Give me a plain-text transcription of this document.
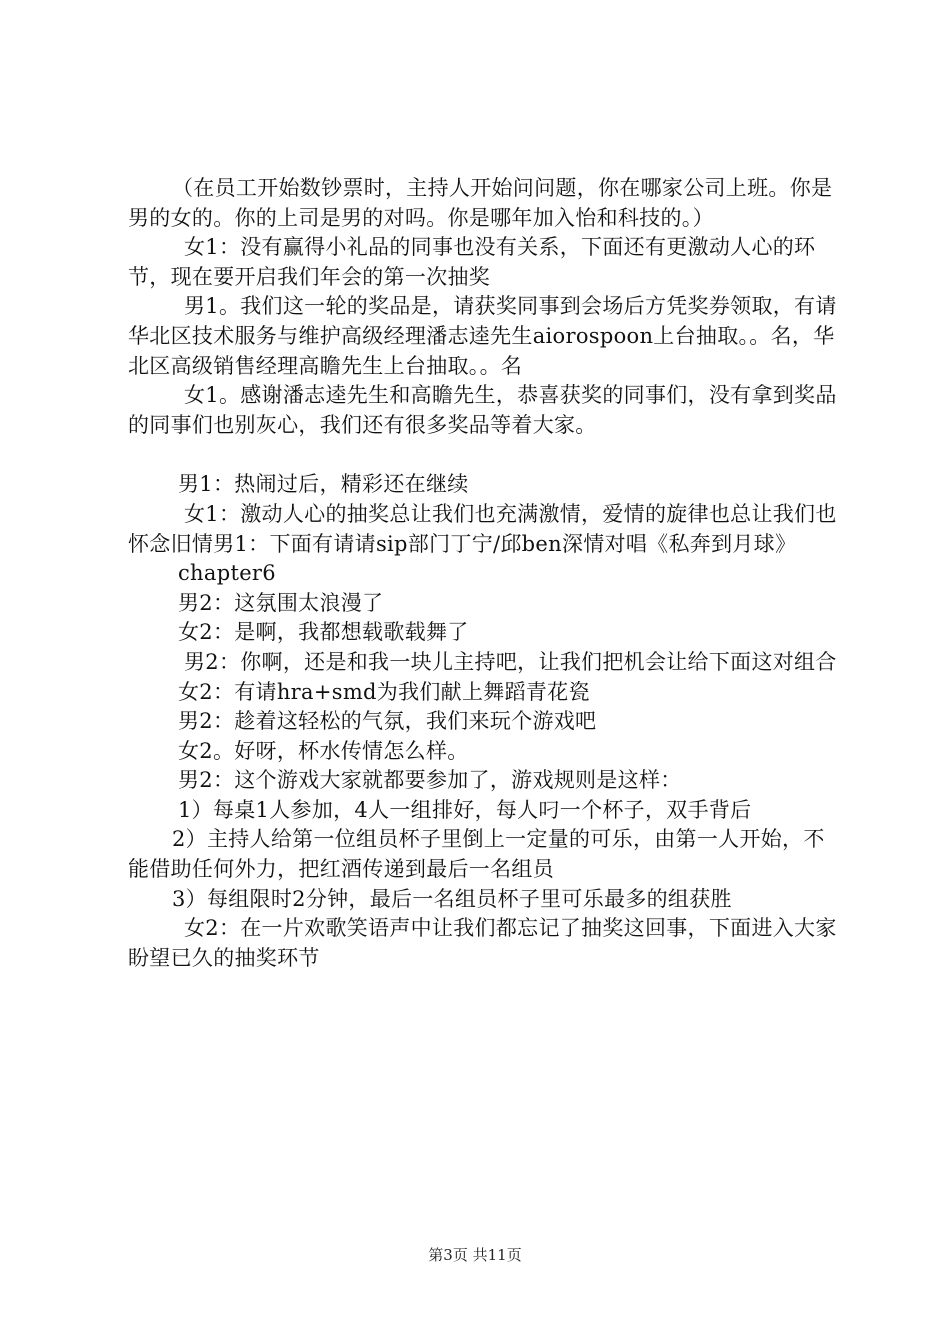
（在员工开始数钞票时，主持人开始问问题，你在哪家公司上班。你是男的女的。你的上司是男的对吗。你是哪年加入怡和科技的。）

女1：没有赢得小礼品的同事也没有关系，下面还有更激动人心的环节，现在要开启我们年会的第一次抽奖

男1。我们这一轮的奖品是，请获奖同事到会场后方凭奖券领取，有请华北区技术服务与维护高级经理潘志逵先生aiorospoon上台抽取。。名，华北区高级销售经理高瞻先生上台抽取。。名

女1。感谢潘志逵先生和高瞻先生，恭喜获奖的同事们，没有拿到奖品的同事们也别灰心，我们还有很多奖品等着大家。

男1：热闹过后，精彩还在继续

女1：激动人心的抽奖总让我们也充满激情，爱情的旋律也总让我们也怀念旧情男1：下面有请请sip部门丁宁/邱ben深情对唱《私奔到月球》

chapter6

男2：这氛围太浪漫了

女2：是啊，我都想载歌载舞了

男2：你啊，还是和我一块儿主持吧，让我们把机会让给下面这对组合

女2：有请hra+smd为我们献上舞蹈青花瓷

男2：趁着这轻松的气氛，我们来玩个游戏吧

女2。好呀，杯水传情怎么样。

男2：这个游戏大家就都要参加了，游戏规则是这样：

1）每桌1人参加，4人一组排好，每人叼一个杯子，双手背后

2）主持人给第一位组员杯子里倒上一定量的可乐，由第一人开始，不能借助任何外力，把红酒传递到最后一名组员

3）每组限时2分钟，最后一名组员杯子里可乐最多的组获胜

女2：在一片欢歌笑语声中让我们都忘记了抽奖这回事，下面进入大家盼望已久的抽奖环节

第3页 共11页
